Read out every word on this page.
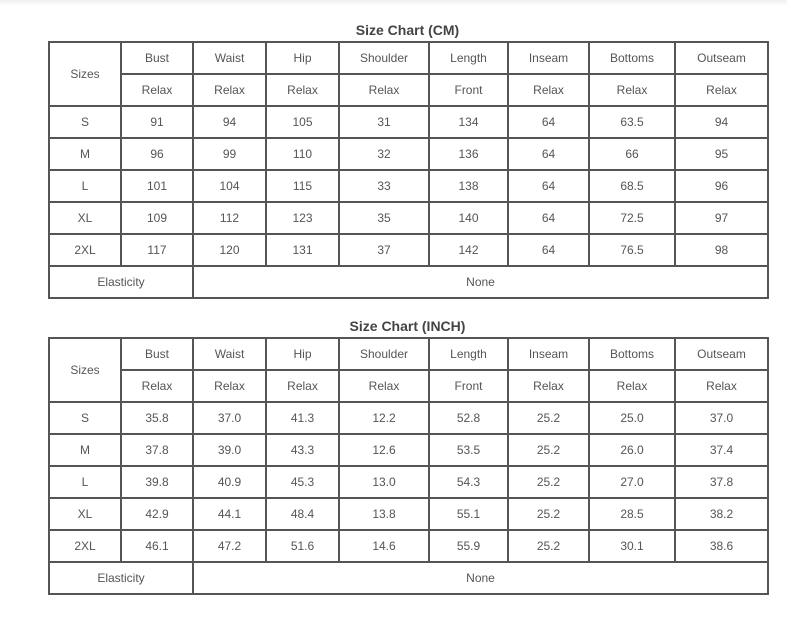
Size Chart (CM)
Sizes	Bust	Waist	Hip	Shoulder	Length	Inseam	Bottoms	Outseam
	Relax	Relax	Relax	Relax	Front	Relax	Relax	Relax
S	91	94	105	31	134	64	63.5	94
M	96	99	110	32	136	64	66	95
L	101	104	115	33	138	64	68.5	96
XL	109	112	123	35	140	64	72.5	97
2XL	117	120	131	37	142	64	76.5	98
Elasticity		None						
Size Chart (INCH)
Sizes	Bust	Waist	Hip	Shoulder	Length	Inseam	Bottoms	Outseam
	Relax	Relax	Relax	Relax	Front	Relax	Relax	Relax
S	35.8	37.0	41.3	12.2	52.8	25.2	25.0	37.0
M	37.8	39.0	43.3	12.6	53.5	25.2	26.0	37.4
L	39.8	40.9	45.3	13.0	54.3	25.2	27.0	37.8
XL	42.9	44.1	48.4	13.8	55.1	25.2	28.5	38.2
2XL	46.1	47.2	51.6	14.6	55.9	25.2	30.1	38.6
Elasticity		None						
